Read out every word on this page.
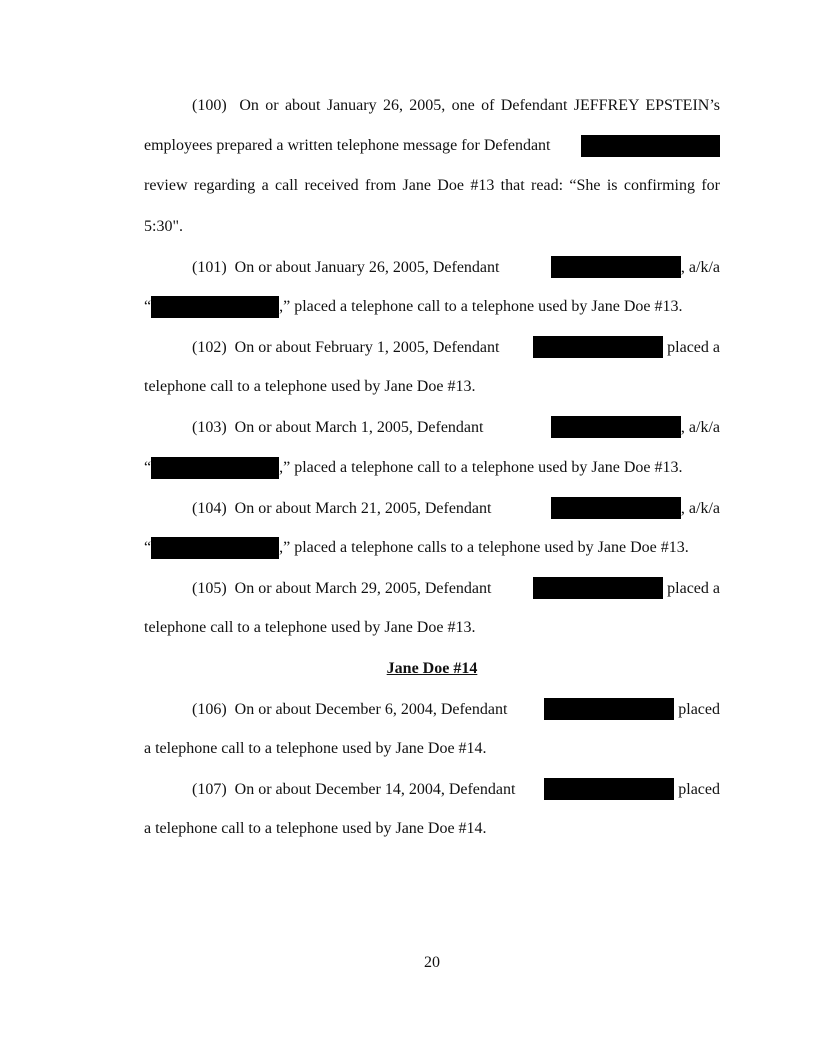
(100) On or about January 26, 2005, one of Defendant JEFFREY EPSTEIN’s
employees prepared a written telephone message for Defendant
review regarding a call received from Jane Doe #13 that read: “She is confirming for
5:30".
(101) On or about January 26, 2005, Defendant	, a/k/a
“	,” placed a telephone call to a telephone used by Jane Doe #13.
(102) On or about February 1, 2005, Defendant	placed a
telephone call to a telephone used by Jane Doe #13.
(103) On or about March 1, 2005, Defendant	, a/k/a
“	,” placed a telephone call to a telephone used by Jane Doe #13.
(104) On or about March 21, 2005, Defendant	, a/k/a
“	,” placed a telephone calls to a telephone used by Jane Doe #13.
(105) On or about March 29, 2005, Defendant	placed a
telephone call to a telephone used by Jane Doe #13.
Jane Doe #14
(106) On or about December 6, 2004, Defendant	placed
a telephone call to a telephone used by Jane Doe #14.
(107) On or about December 14, 2004, Defendant	placed
a telephone call to a telephone used by Jane Doe #14.
20
